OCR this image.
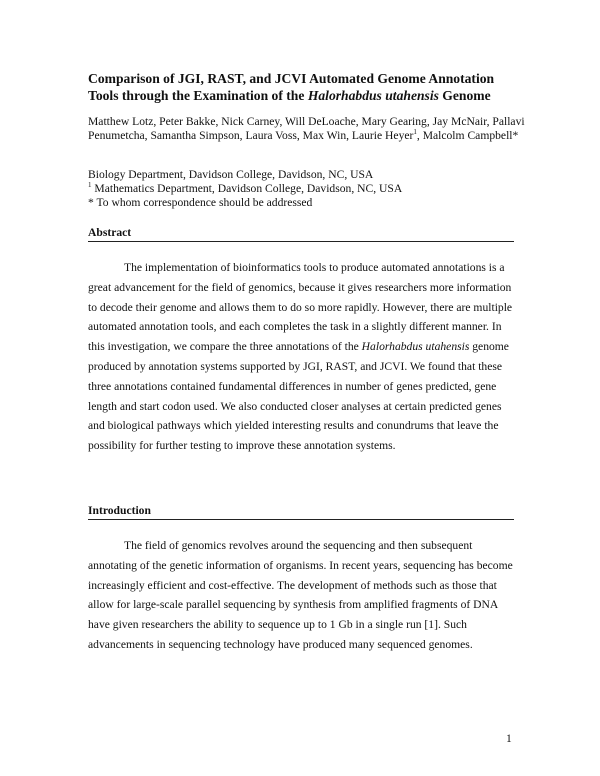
Comparison of JGI, RAST, and JCVI Automated Genome Annotation
Tools through the Examination of the Halorhabdus utahensis Genome

Matthew Lotz, Peter Bakke, Nick Carney, Will DeLoache, Mary Gearing, Jay McNair, Pallavi Penumetcha, Samantha Simpson, Laura Voss, Max Win, Laurie Heyer$^1$, Malcolm Campbell*

Biology Department, Davidson College, Davidson, NC, USA
$^1$ Mathematics Department, Davidson College, Davidson, NC, USA
* To whom correspondence should be addressed
Abstract

The implementation of bioinformatics tools to produce automated annotations is a great advancement for the field of genomics, because it gives researchers more information to decode their genome and allows them to do so more rapidly. However, there are multiple automated annotation tools, and each completes the task in a slightly different manner. In this investigation, we compare the three annotations of the Halorhabdus utahensis genome produced by annotation systems supported by JGI, RAST, and JCVI. We found that these three annotations contained fundamental differences in number of genes predicted, gene length and start codon used. We also conducted closer analyses at certain predicted genes and biological pathways which yielded interesting results and conundrums that leave the possibility for further testing to improve these annotation systems.

Introduction

The field of genomics revolves around the sequencing and then subsequent annotating of the genetic information of organisms. In recent years, sequencing has become increasingly efficient and cost-effective. The development of methods such as those that allow for large-scale parallel sequencing by synthesis from amplified fragments of DNA have given researchers the ability to sequence up to 1 Gb in a single run [1]. Such advancements in sequencing technology have produced many sequenced genomes.

1
